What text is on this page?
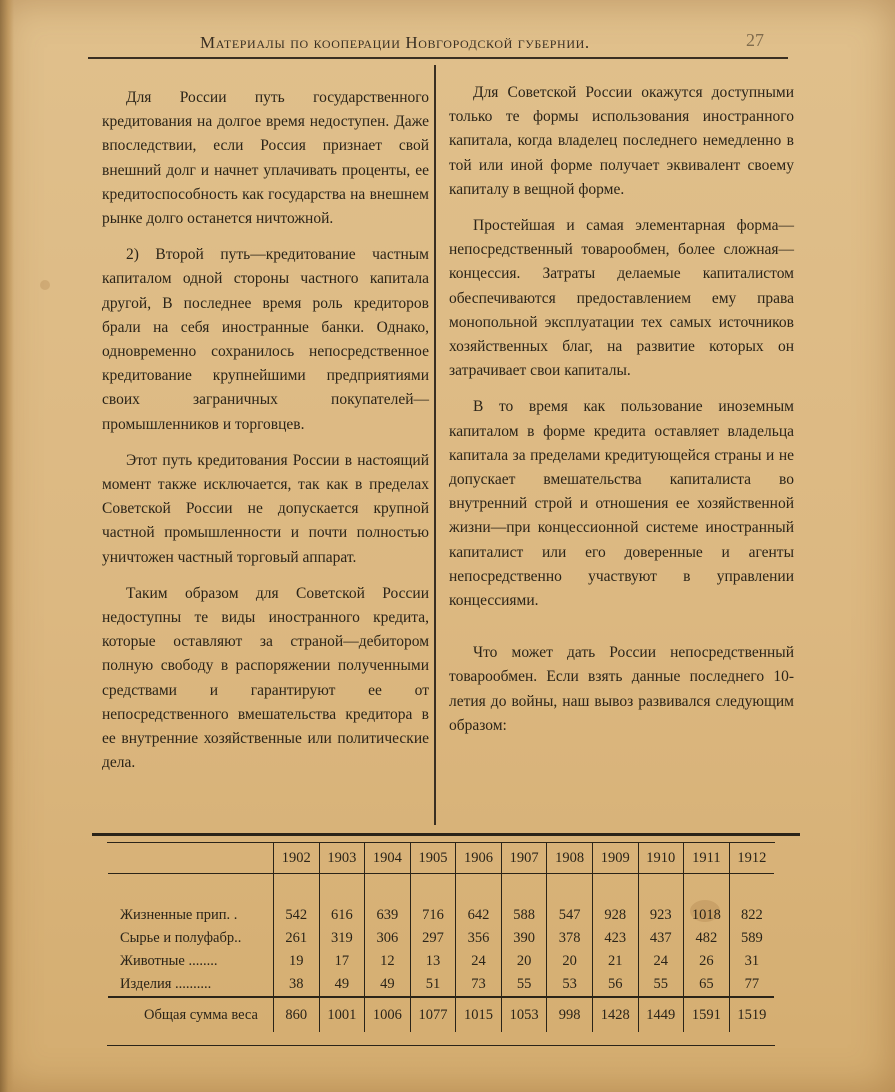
Материалы по кооперации Новгородской губернии.	27

Для России путь государственного кредитования на долгое время недоступен. Даже впоследствии, если Россия признает свой внешний долг и начнет уплачивать проценты, ее кредитоспособность как государства на внешнем рынке долго останется ничтожной.

2) Второй путь—кредитование частным капиталом одной стороны частного капитала другой, В последнее время роль кредиторов брали на себя иностранные банки. Однако, одновременно сохранилось непосредственное кредитование крупнейшими предприятиями своих заграничных покупателей—промышленников и торговцев.

Этот путь кредитования России в настоящий момент также исключается, так как в пределах Советской России не допускается крупной частной промышленности и почти полностью уничтожен частный торговый аппарат.

Таким образом для Советской России недоступны те виды иностранного кредита, которые оставляют за страной—дебитором полную свободу в распоряжении полученными средствами и гарантируют ее от непосредственного вмешательства кредитора в ее внутренние хозяйственные или политические дела.

Для Советской России окажутся доступными только те формы использования иностранного капитала, когда владелец последнего немедленно в той или иной форме получает эквивалент своему капиталу в вещной форме.

Простейшая и самая элементарная форма—непосредственный товарообмен, более сложная—концессия. Затраты делаемые капиталистом обеспечиваются предоставлением ему права монопольной эксплуатации тех самых источников хозяйственных благ, на развитие которых он затрачивает свои капиталы.

В то время как пользование иноземным капиталом в форме кредита оставляет владельца капитала за пределами кредитующейся страны и не допускает вмешательства капиталиста во внутренний строй и отношения ее хозяйственной жизни—при концессионной системе иностранный капиталист или его доверенные и агенты непосредственно участвуют в управлении концессиями.

Что может дать России непосредственный товарообмен. Если взять данные последнего 10-летия до войны, наш вывоз развивался следующим образом:

	1902	1903	1904	1905	1906	1907	1908	1909	1910	1911	1912

Жизненные прип. .	542	616	639	716	642	588	547	928	923	1018	822
Сырье и полуфабр..	261	319	306	297	356	390	378	423	437	482	589
Животные ........	19	17	12	13	24	20	20	21	24	26	31
Изделия ..........	38	49	49	51	73	55	53	56	55	65	77
Общая сумма веса	860	1001	1006	1077	1015	1053	998	1428	1449	1591	1519
